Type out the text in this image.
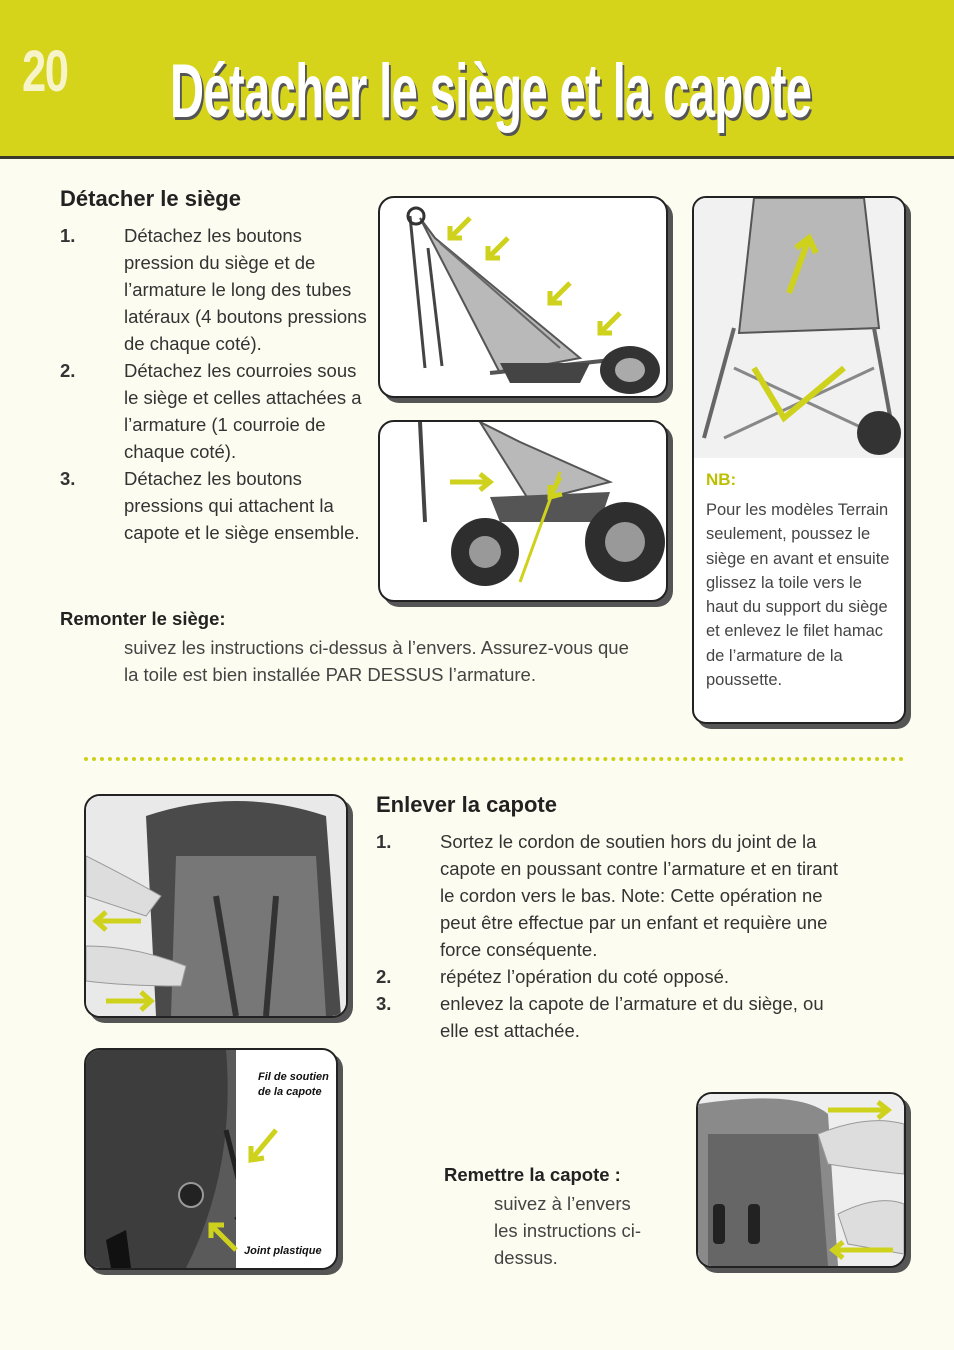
20 Détacher le siège et la capote
Détacher le siège
1.	Détachez les boutons pression du siège et de l’armature le long des tubes latéraux (4 boutons pressions de chaque coté).
2.	Détachez les courroies sous le siège et celles attachées a l’armature (1 courroie de chaque coté).
3.	Détachez les boutons pressions qui attachent la capote et le siège ensemble.
Remonter le siège:
suivez les instructions ci-dessus à l’envers. Assurez-vous que la toile est bien installée PAR DESSUS l’armature.
NB:
Pour les modèles Terrain seulement, poussez le siège en avant et ensuite glissez la toile vers le haut du support du siège et enlevez le filet hamac de l’armature de la poussette.
Enlever la capote
1.	Sortez le cordon de soutien hors du joint de la capote en poussant contre l’armature et en tirant le cordon vers le bas. Note: Cette opération ne peut être effectue par un enfant et requière une force conséquente.
2.	répétez l’opération du coté opposé.
3.	enlevez la capote de l’armature et du siège, ou elle est attachée.
Fil de soutien de la capote
Joint plastique
Remettre la capote :
suivez à l’envers les instructions ci-dessus.
